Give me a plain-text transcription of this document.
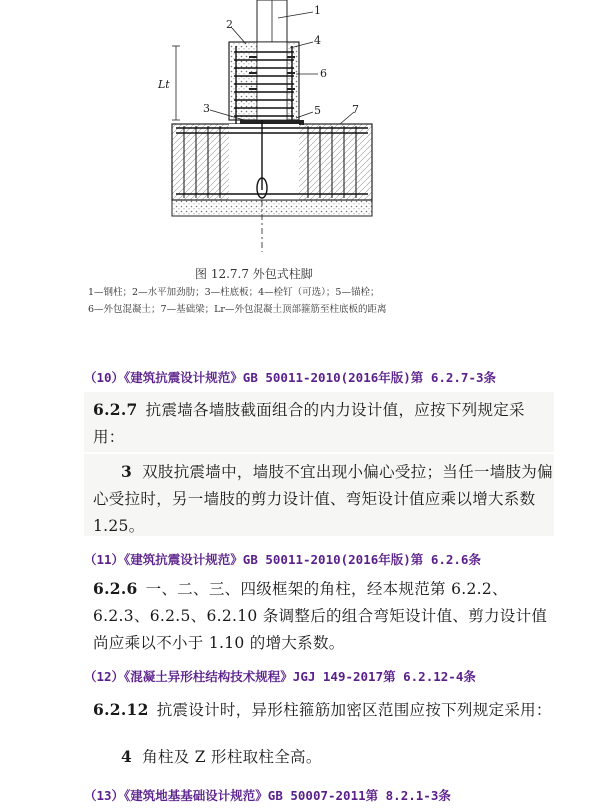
1
2
4
6
3	5	7
Lt
图 12.7.7 外包式柱脚
1—钢柱；2—水平加劲肋；3—柱底板；4—栓钉（可选）；5—锚栓；
6—外包混凝土；7—基础梁；Lr—外包混凝土顶部箍筋至柱底板的距离
（10）《建筑抗震设计规范》GB 50011-2010(2016年版)第 6.2.7-3条
6.2.7 抗震墙各墙肢截面组合的内力设计值，应按下列规定采用：
3 双肢抗震墙中，墙肢不宜出现小偏心受拉；当任一墙肢为偏心受拉时，另一墙肢的剪力设计值、弯矩设计值应乘以增大系数 1.25。
（11）《建筑抗震设计规范》GB 50011-2010(2016年版)第 6.2.6条
6.2.6 一、二、三、四级框架的角柱，经本规范第 6.2.2、6.2.3、6.2.5、6.2.10 条调整后的组合弯矩设计值、剪力设计值尚应乘以不小于 1.10 的增大系数。
（12）《混凝土异形柱结构技术规程》JGJ 149-2017第 6.2.12-4条
6.2.12 抗震设计时，异形柱箍筋加密区范围应按下列规定采用：
4 角柱及 Z 形柱取柱全高。
（13）《建筑地基基础设计规范》GB 50007-2011第 8.2.1-3条
